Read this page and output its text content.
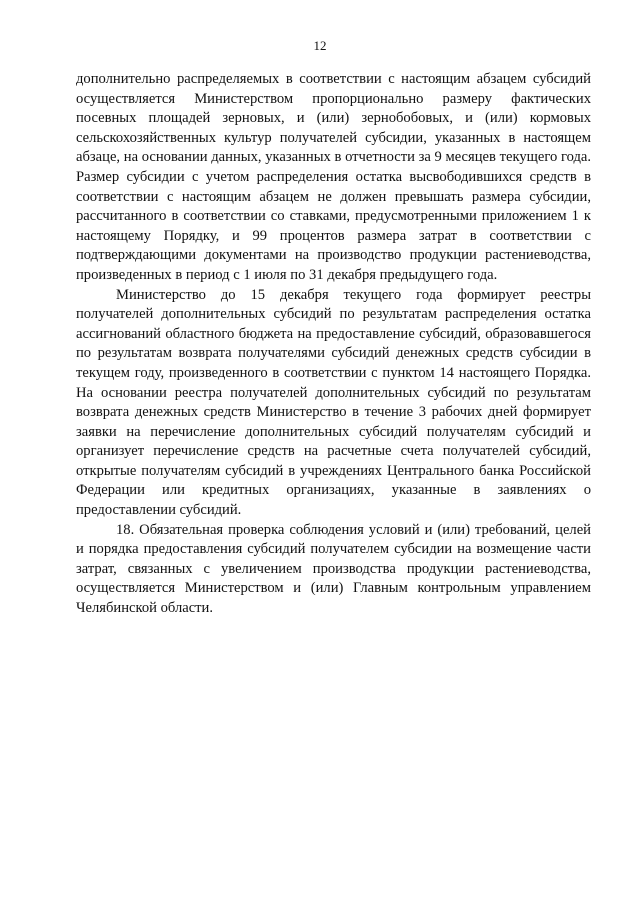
12

дополнительно распределяемых в соответствии с настоящим абзацем субсидий осуществляется Министерством пропорционально размеру фактических посевных площадей зерновых, и (или) зернобобовых, и (или) кормовых сельскохозяйственных культур получателей субсидии, указанных в настоящем абзаце, на основании данных, указанных в отчетности за 9 месяцев текущего года. Размер субсидии с учетом распределения остатка высвободившихся средств в соответствии с настоящим абзацем не должен превышать размера субсидии, рассчитанного в соответствии со ставками, предусмотренными приложением 1 к настоящему Порядку, и 99 процентов размера затрат в соответствии с подтверждающими документами на производство продукции растениеводства, произведенных в период с 1 июля по 31 декабря предыдущего года.

Министерство до 15 декабря текущего года формирует реестры получателей дополнительных субсидий по результатам распределения остатка ассигнований областного бюджета на предоставление субсидий, образовавшегося по результатам возврата получателями субсидий денежных средств субсидии в текущем году, произведенного в соответствии с пунктом 14 настоящего Порядка. На основании реестра получателей дополнительных субсидий по результатам возврата денежных средств Министерство в течение 3 рабочих дней формирует заявки на перечисление дополнительных субсидий получателям субсидий и организует перечисление средств на расчетные счета получателей субсидий, открытые получателям субсидий в учреждениях Центрального банка Российской Федерации или кредитных организациях, указанные в заявлениях о предоставлении субсидий.

18. Обязательная проверка соблюдения условий и (или) требований, целей и порядка предоставления субсидий получателем субсидии на возмещение части затрат, связанных с увеличением производства продукции растениеводства, осуществляется Министерством и (или) Главным контрольным управлением Челябинской области.
